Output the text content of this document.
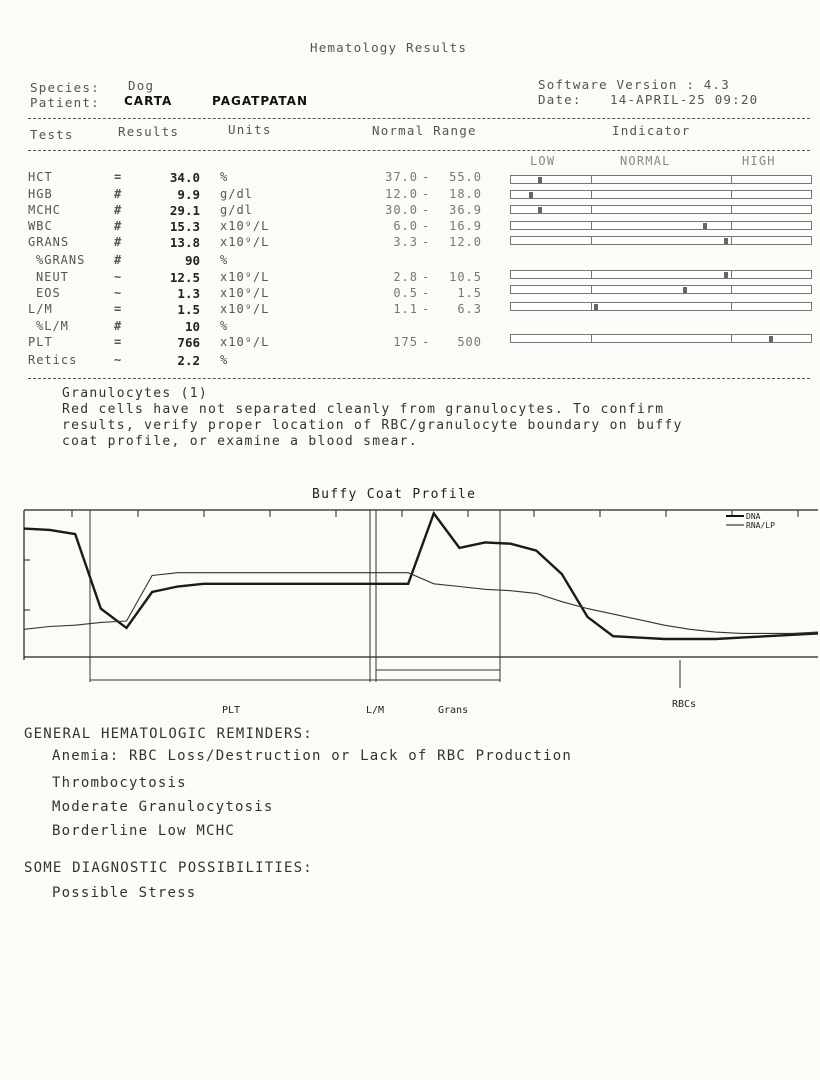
Hematology Results
Species: Dog
Patient: CARTA	PAGATPATAN
Software Version : 4.3
Date: 14-APRIL-25 09:20
Tests	Results	Units	Normal Range	Indicator
LOW	NORMAL	HIGH
HCT	=	34.0 %	37.0 -	55.0
HGB	#	9.9 g/dl	12.0 -	18.0
MCHC	#	29.1 g/dl	30.0 -	36.9
WBC	#	15.3 x10⁹/L	6.0 -	16.9
GRANS	#	13.8 x10⁹/L	3.3 -	12.0
%GRANS #	90 %
NEUT	~	12.5 x10⁹/L	2.8 -	10.5
EOS	~	1.3 x10⁹/L	0.5 -	1.5
L/M	=	1.5 x10⁹/L	1.1 -	6.3
%L/M	#	10 %
PLT	=	766 x10⁹/L	175 -	500
Retics	~	2.2 %
Granulocytes (1)
Red cells have not separated cleanly from granulocytes. To confirm
results, verify proper location of RBC/granulocyte boundary on buffy
coat profile, or examine a blood smear.
Buffy Coat Profile
DNA
RNA/LP
PLT	L/M	Grans
RBCs
GENERAL HEMATOLOGIC REMINDERS:
Anemia: RBC Loss/Destruction or Lack of RBC Production
Thrombocytosis
Moderate Granulocytosis
Borderline Low MCHC
SOME DIAGNOSTIC POSSIBILITIES:
Possible Stress
